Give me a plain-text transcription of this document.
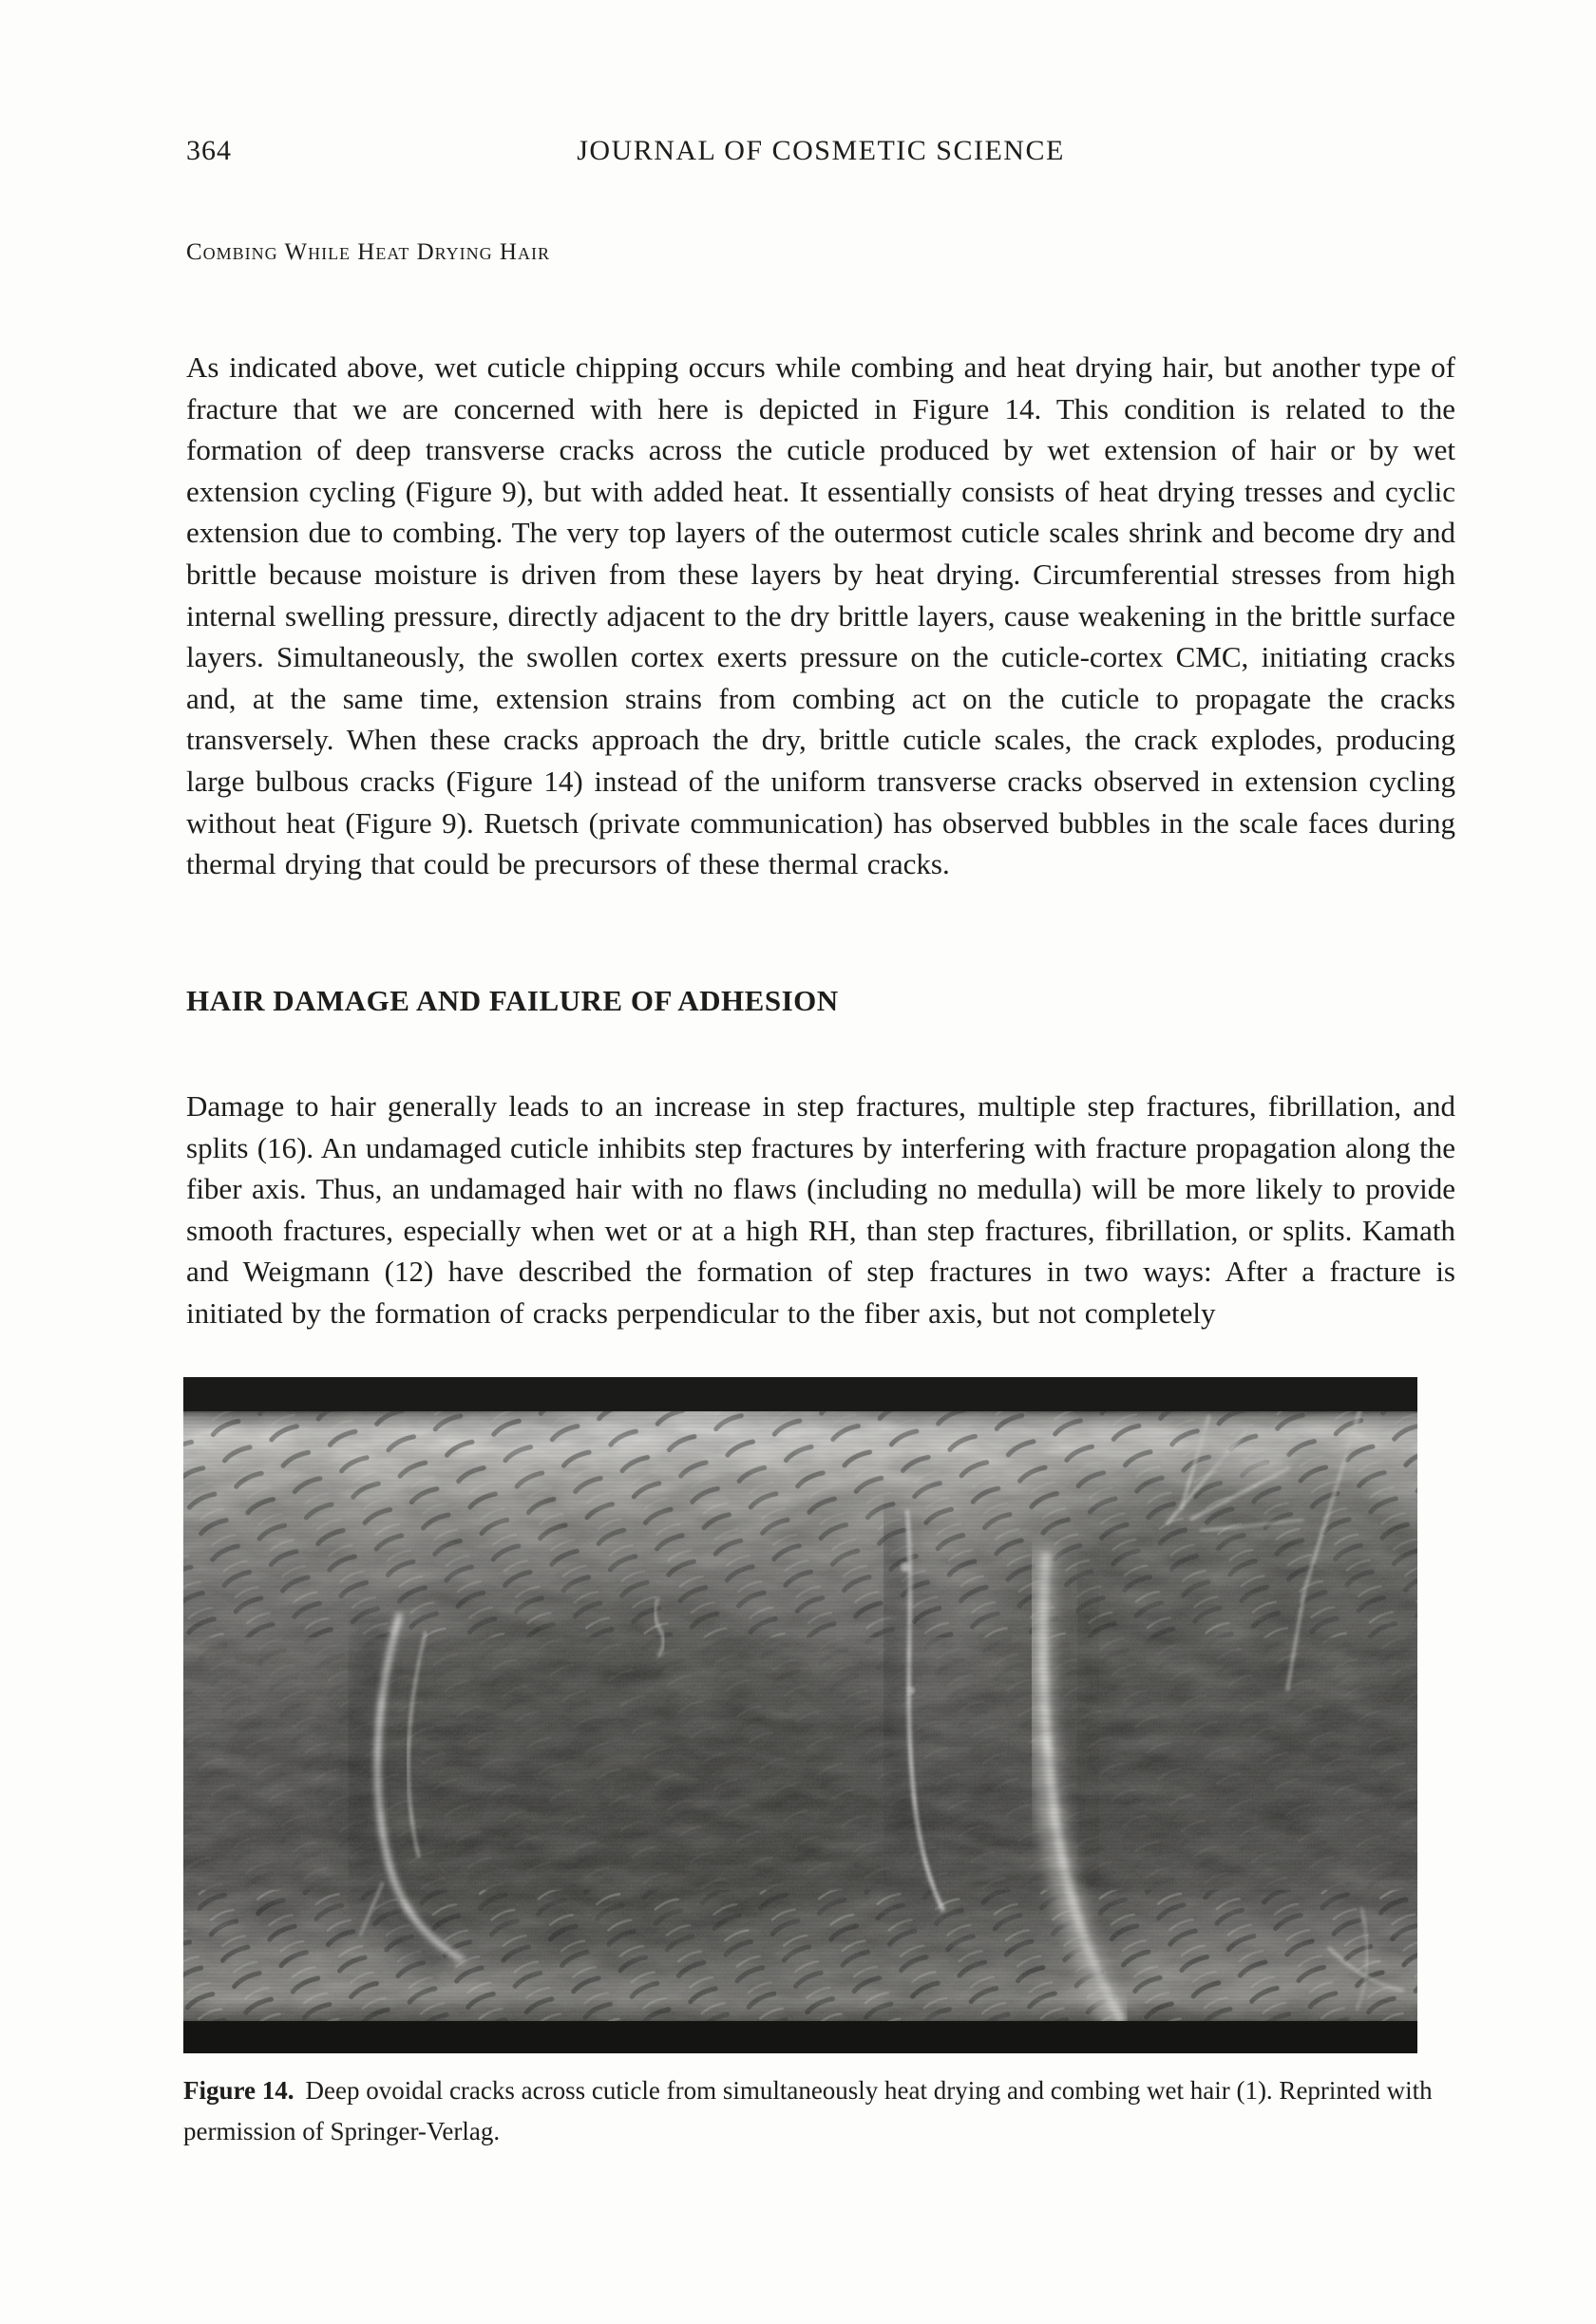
364	JOURNAL OF COSMETIC SCIENCE
Combing While Heat Drying Hair

As indicated above, wet cuticle chipping occurs while combing and heat drying hair, but another type of fracture that we are concerned with here is depicted in Figure 14. This condition is related to the formation of deep transverse cracks across the cuticle produced by wet extension of hair or by wet extension cycling (Figure 9), but with added heat. It essentially consists of heat drying tresses and cyclic extension due to combing. The very top layers of the outermost cuticle scales shrink and become dry and brittle because moisture is driven from these layers by heat drying. Circumferential stresses from high internal swelling pressure, directly adjacent to the dry brittle layers, cause weakening in the brittle surface layers. Simultaneously, the swollen cortex exerts pressure on the cuticle-cortex CMC, initiating cracks and, at the same time, extension strains from combing act on the cuticle to propagate the cracks transversely. When these cracks approach the dry, brittle cuticle scales, the crack explodes, producing large bulbous cracks (Figure 14) instead of the uniform transverse cracks observed in extension cycling without heat (Figure 9). Ruetsch (private communication) has observed bubbles in the scale faces during thermal drying that could be precursors of these thermal cracks.

HAIR DAMAGE AND FAILURE OF ADHESION

Damage to hair generally leads to an increase in step fractures, multiple step fractures, fibrillation, and splits (16). An undamaged cuticle inhibits step fractures by interfering with fracture propagation along the fiber axis. Thus, an undamaged hair with no flaws (including no medulla) will be more likely to provide smooth fractures, especially when wet or at a high RH, than step fractures, fibrillation, or splits. Kamath and Weigmann (12) have described the formation of step fractures in two ways: After a fracture is initiated by the formation of cracks perpendicular to the fiber axis, but not completely

Figure 14. Deep ovoidal cracks across cuticle from simultaneously heat drying and combing wet hair (1). Reprinted with permission of Springer-Verlag.
